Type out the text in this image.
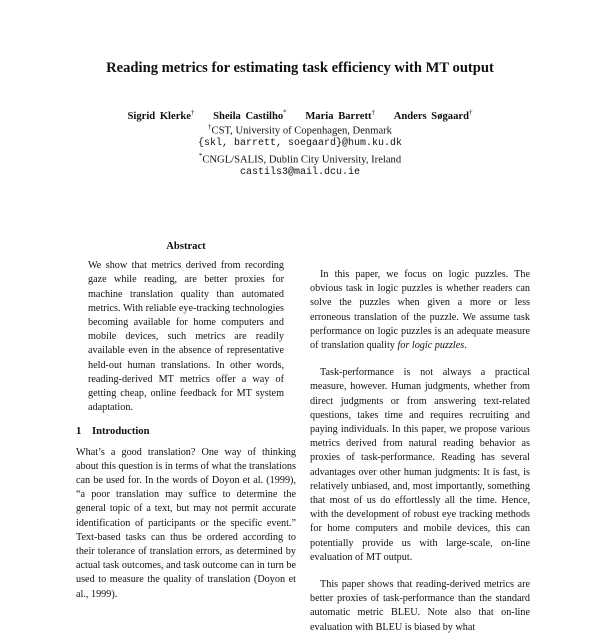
Reading metrics for estimating task efficiency with MT output
Sigrid Klerke† Sheila Castilho* Maria Barrett† Anders Søgaard†
†CST, University of Copenhagen, Denmark
{skl, barrett, soegaard}@hum.ku.dk
*CNGL/SALIS, Dublin City University, Ireland
castils3@mail.dcu.ie
Abstract

We show that metrics derived from recording gaze while reading, are better proxies for machine translation quality than automated metrics. With reliable eye-tracking technologies becoming available for home computers and mobile devices, such metrics are readily available even in the absence of representative held-out human translations. In other words, reading-derived MT metrics offer a way of getting cheap, online feedback for MT system adaptation.

1 Introduction

What’s a good translation? One way of thinking about this question is in terms of what the translations can be used for. In the words of Doyon et al. (1999), “a poor translation may suffice to determine the general topic of a text, but may not permit accurate identification of participants or the specific event.” Text-based tasks can thus be ordered according to their tolerance of translation errors, as determined by actual task outcomes, and task outcome can in turn be used to measure the quality of translation (Doyon et al., 1999).

In this paper, we focus on logic puzzles. The obvious task in logic puzzles is whether readers can solve the puzzles when given a more or less erroneous translation of the puzzle. We assume task performance on logic puzzles is an adequate measure of translation quality for logic puzzles.

Task-performance is not always a practical measure, however. Human judgments, whether from direct judgments or from answering text-related questions, takes time and requires recruiting and paying individuals. In this paper, we propose various metrics derived from natural reading behavior as proxies of task-performance. Reading has several advantages over other human judgments: It is fast, is relatively unbiased, and, most importantly, something that most of us do effortlessly all the time. Hence, with the development of robust eye tracking methods for home computers and mobile devices, this can potentially provide us with large-scale, on-line evaluation of MT output.

This paper shows that reading-derived metrics are better proxies of task-performance than the standard automatic metric BLEU. Note also that on-line evaluation with BLEU is biased by what
